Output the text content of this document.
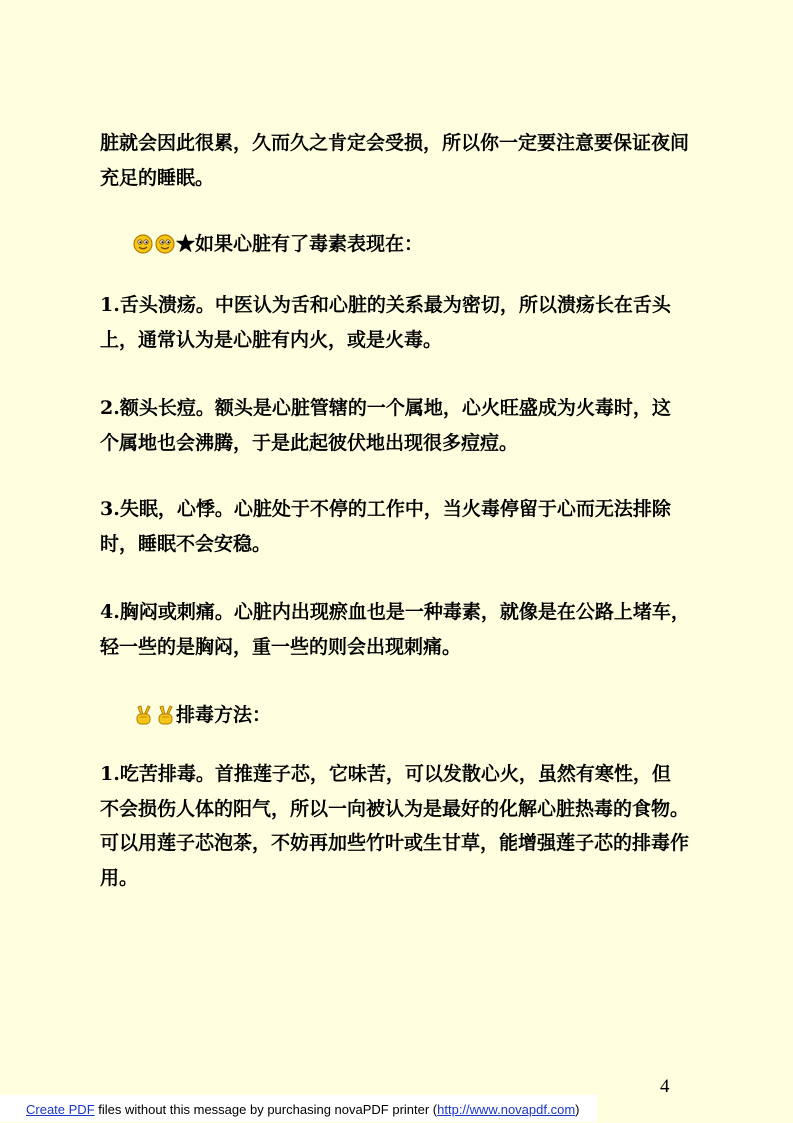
脏就会因此很累，久而久之肯定会受损，所以你一定要注意要保证夜间
充足的睡眠。

★如果心脏有了毒素表现在：

1.舌头溃疡。中医认为舌和心脏的关系最为密切，所以溃疡长在舌头
上，通常认为是心脏有内火，或是火毒。

2.额头长痘。额头是心脏管辖的一个属地，心火旺盛成为火毒时，这
个属地也会沸腾，于是此起彼伏地出现很多痘痘。

3.失眠，心悸。心脏处于不停的工作中，当火毒停留于心而无法排除
时，睡眠不会安稳。

4.胸闷或刺痛。心脏内出现瘀血也是一种毒素，就像是在公路上堵车，
轻一些的是胸闷，重一些的则会出现刺痛。

排毒方法：

1.吃苦排毒。首推莲子芯，它味苦，可以发散心火，虽然有寒性，但
不会损伤人体的阳气，所以一向被认为是最好的化解心脏热毒的食物。
可以用莲子芯泡茶，不妨再加些竹叶或生甘草，能增强莲子芯的排毒作
用。

4
Create PDF files without this message by purchasing novaPDF printer (http://www.novapdf.com)
